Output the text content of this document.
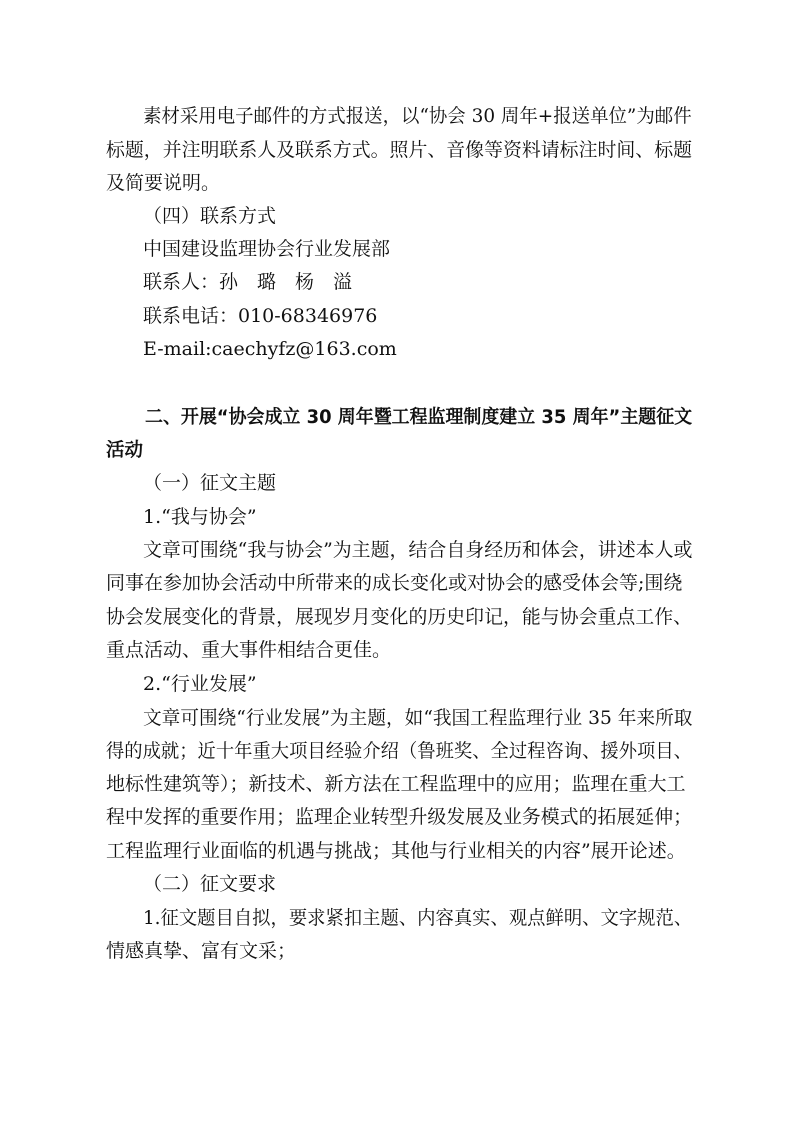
素材采用电子邮件的方式报送，以“协会 30 周年+报送单位”为邮件
标题，并注明联系人及联系方式。照片、音像等资料请标注时间、标题
及简要说明。
（四）联系方式
中国建设监理协会行业发展部
联系人：孙　璐　杨　溢
联系电话：010-68346976
E-mail:caechyfz@163.com
二、开展“协会成立 30 周年暨工程监理制度建立 35 周年”主题征文
活动
（一）征文主题
1.“我与协会”
文章可围绕“我与协会”为主题，结合自身经历和体会，讲述本人或
同事在参加协会活动中所带来的成长变化或对协会的感受体会等;围绕
协会发展变化的背景，展现岁月变化的历史印记，能与协会重点工作、
重点活动、重大事件相结合更佳。
2.“行业发展”
文章可围绕“行业发展”为主题，如“我国工程监理行业 35 年来所取
得的成就；近十年重大项目经验介绍（鲁班奖、全过程咨询、援外项目、
地标性建筑等）；新技术、新方法在工程监理中的应用；监理在重大工
程中发挥的重要作用；监理企业转型升级发展及业务模式的拓展延伸；
工程监理行业面临的机遇与挑战；其他与行业相关的内容”展开论述。
（二）征文要求
1.征文题目自拟，要求紧扣主题、内容真实、观点鲜明、文字规范、
情感真挚、富有文采；
